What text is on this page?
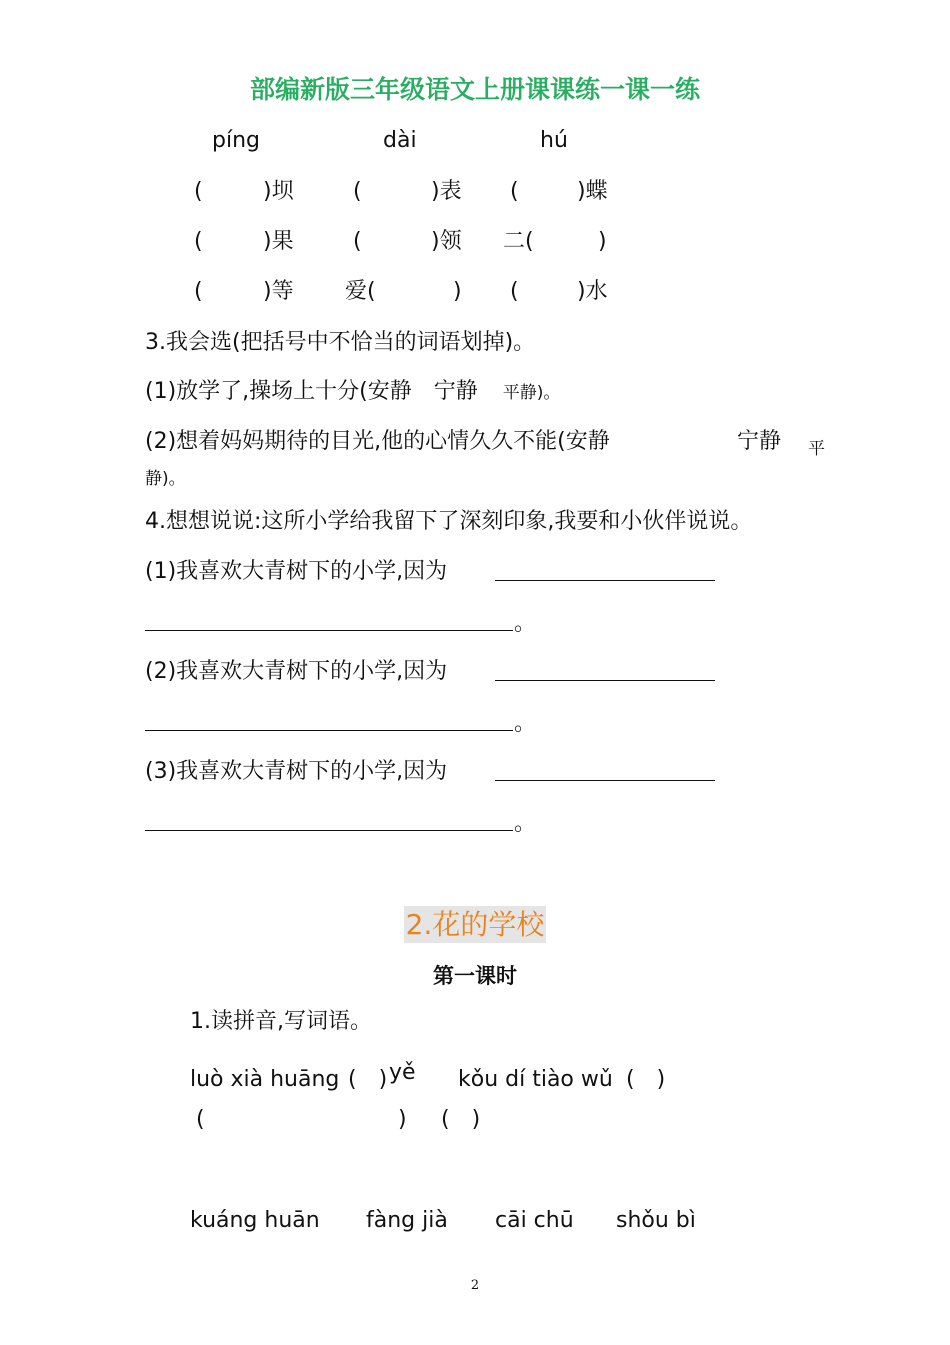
部编新版三年级语文上册课课练一课一练
píng	dài	hú
(	)坝	(	)表 (	)蝶
(	)果	(	)领 二(	)
(	)等 爱(	) (	)水
3.我会选(把括号中不恰当的词语划掉)。
(1)放学了,操场上十分(安静　宁静 平静)。
(2)想着妈妈期待的目光,他的心情久久不能(安静	宁静 平
静)。
4.想想说说:这所小学给我留下了深刻印象,我要和小伙伴说说。
(1)我喜欢大青树下的小学,因为
。
(2)我喜欢大青树下的小学,因为
。
(3)我喜欢大青树下的小学,因为
。
2.花的学校
第一课时
1.读拼音,写词语。
luò xià huāng (　) yě kǒu dí tiào wǔ (　)
(	) (　)
kuáng huān fàng jià cāi chū shǒu bì
2
